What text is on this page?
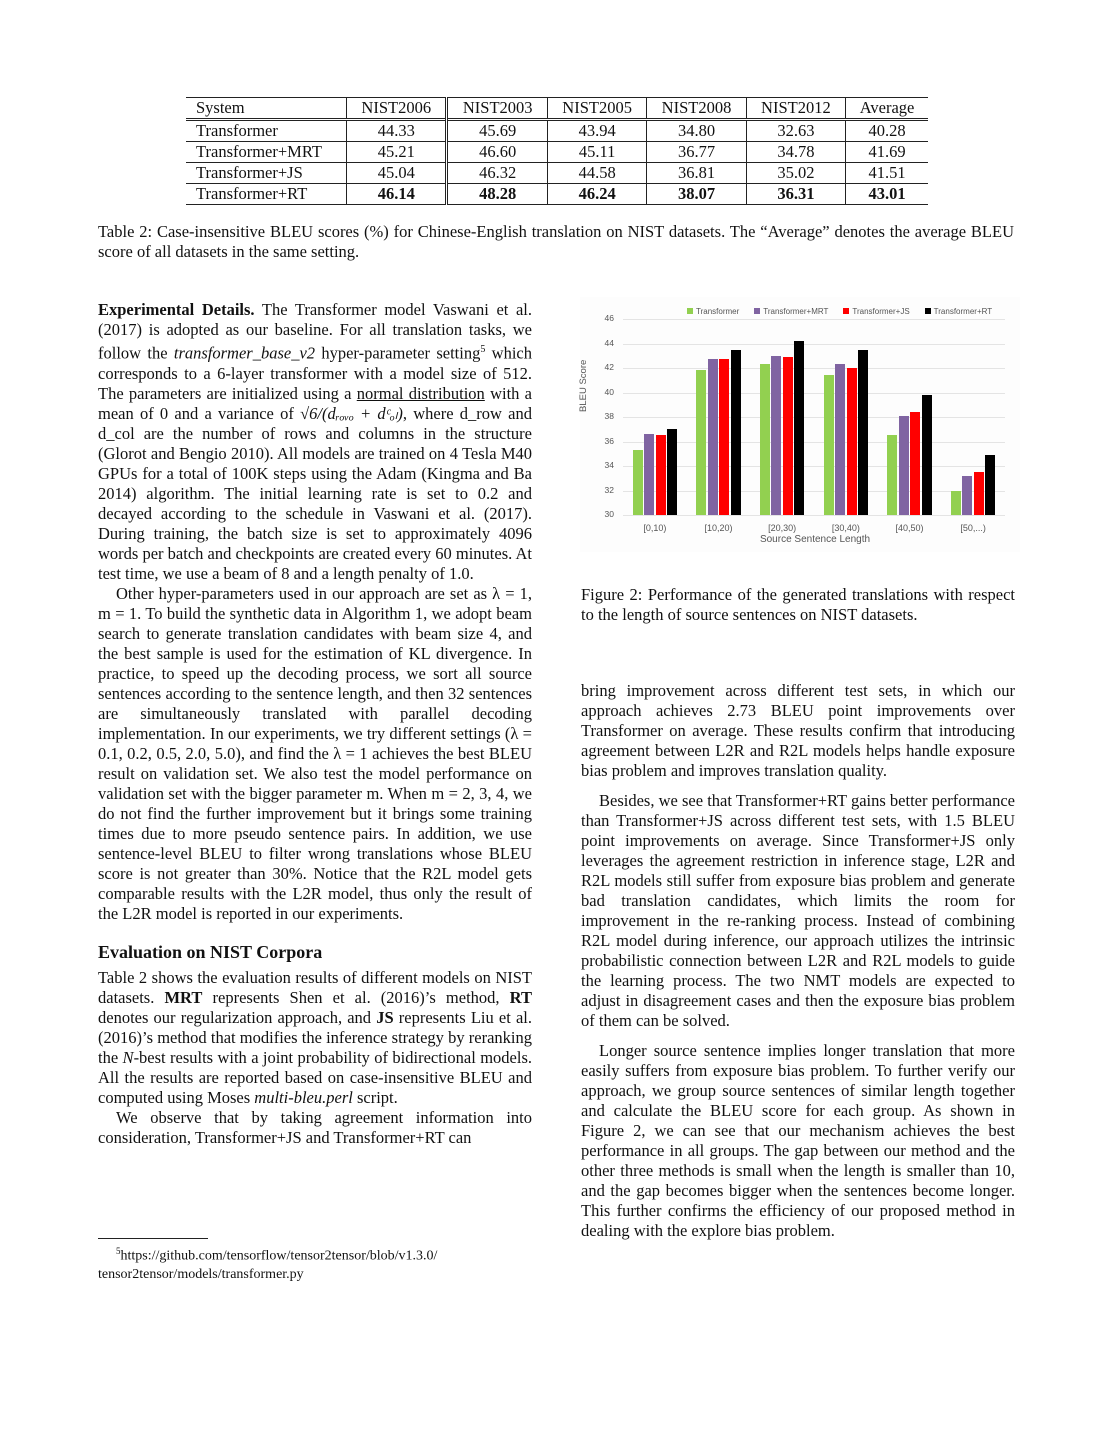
System	NIST2006	NIST2003	NIST2005	NIST2008	NIST2012	Average
Transformer	44.33	45.69	43.94	34.80	32.63	40.28
Transformer+MRT	45.21	46.60	45.11	36.77	34.78	41.69
Transformer+JS	45.04	46.32	44.58	36.81	35.02	41.51
Transformer+RT	46.14	48.28	46.24	38.07	36.31	43.01
Table 2: Case-insensitive BLEU scores (%) for Chinese-English translation on NIST datasets. The “Average” denotes the average BLEU score of all datasets in the same setting.

Experimental Details. The Transformer model Vaswani et al. (2017) is adopted as our baseline. For all translation tasks, we follow the transformer_base_v2 hyper-parameter setting$^5$ which corresponds to a 6-layer transformer with a model size of 512. The parameters are initialized using a normal distribution with a mean of 0 and a variance of √6/(dᵣₒᵥₒ + dᶜₒₗ), where d_row and d_col are the number of rows and columns in the structure (Glorot and Bengio 2010). All models are trained on 4 Tesla M40 GPUs for a total of 100K steps using the Adam (Kingma and Ba 2014) algorithm. The initial learning rate is set to 0.2 and decayed according to the schedule in Vaswani et al. (2017). During training, the batch size is set to approximately 4096 words per batch and checkpoints are created every 60 minutes. At test time, we use a beam of 8 and a length penalty of 1.0.

Other hyper-parameters used in our approach are set as λ = 1, m = 1. To build the synthetic data in Algorithm 1, we adopt beam search to generate translation candidates with beam size 4, and the best sample is used for the estimation of KL divergence. In practice, to speed up the decoding process, we sort all source sentences according to the sentence length, and then 32 sentences are simultaneously translated with parallel decoding implementation. In our experiments, we try different settings (λ = 0.1, 0.2, 0.5, 2.0, 5.0), and find the λ = 1 achieves the best BLEU result on validation set. We also test the model performance on validation set with the bigger parameter m. When m = 2, 3, 4, we do not find the further improvement but it brings some training times due to more pseudo sentence pairs. In addition, we use sentence-level BLEU to filter wrong translations whose BLEU score is not greater than 30%. Notice that the R2L model gets comparable results with the L2R model, thus only the result of the L2R model is reported in our experiments.

Evaluation on NIST Corpora

Table 2 shows the evaluation results of different models on NIST datasets. MRT represents Shen et al. (2016)’s method, RT denotes our regularization approach, and JS represents Liu et al. (2016)’s method that modifies the inference strategy by reranking the N-best results with a joint probability of bidirectional models. All the results are reported based on case-insensitive BLEU and computed using Moses multi-bleu.perl script.

We observe that by taking agreement information into consideration, Transformer+JS and Transformer+RT can

$^5$https://github.com/tensorflow/tensor2tensor/blob/v1.3.0/ tensor2tensor/models/transformer.py
Transformer	Transformer+MRT	Transformer+JS	Transformer+RT
BLEU Score
Source Sentence Length
30
32
34
36
38
40
42
44
46
[0,10)	[10,20)	[20,30)	[30,40)	[40,50)	[50,...)
Figure 2: Performance of the generated translations with respect to the length of source sentences on NIST datasets.

bring improvement across different test sets, in which our approach achieves 2.73 BLEU point improvements over Transformer on average. These results confirm that introducing agreement between L2R and R2L models helps handle exposure bias problem and improves translation quality.

Besides, we see that Transformer+RT gains better performance than Transformer+JS across different test sets, with 1.5 BLEU point improvements on average. Since Transformer+JS only leverages the agreement restriction in inference stage, L2R and R2L models still suffer from exposure bias problem and generate bad translation candidates, which limits the room for improvement in the re-ranking process. Instead of combining R2L model during inference, our approach utilizes the intrinsic probabilistic connection between L2R and R2L models to guide the learning process. The two NMT models are expected to adjust in disagreement cases and then the exposure bias problem of them can be solved.

Longer source sentence implies longer translation that more easily suffers from exposure bias problem. To further verify our approach, we group source sentences of similar length together and calculate the BLEU score for each group. As shown in Figure 2, we can see that our mechanism achieves the best performance in all groups. The gap between our method and the other three methods is small when the length is smaller than 10, and the gap becomes bigger when the sentences become longer. This further confirms the efficiency of our proposed method in dealing with the explore bias problem.
